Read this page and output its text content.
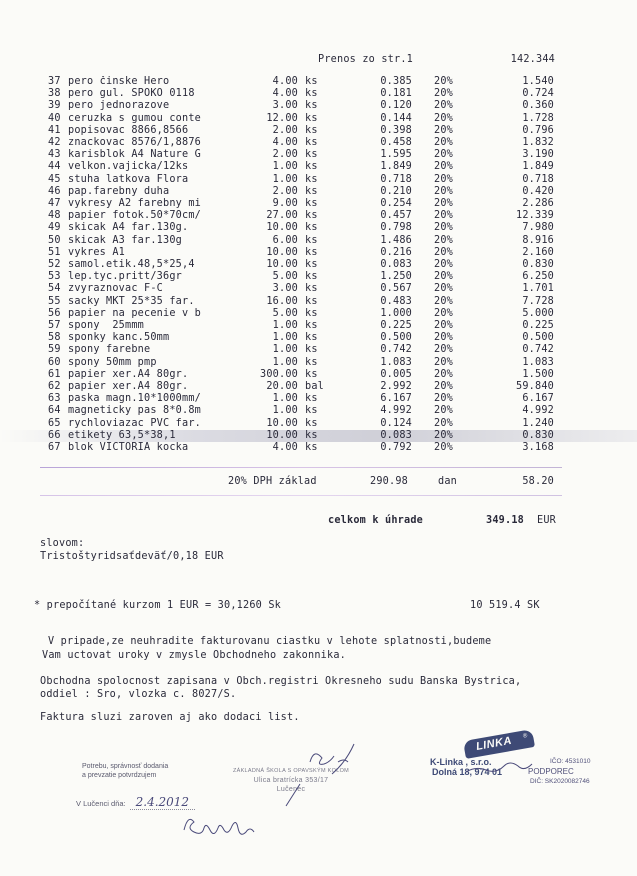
Prenos zo str.1	142.344
37 pero činske Hero	4.00 ks	0.385 20%	1.540
38 pero gul. SPOKO 0118	4.00 ks	0.181 20%	0.724
39 pero jednorazove	3.00 ks	0.120 20%	0.360
40 ceruzka s gumou conte	12.00 ks	0.144 20%	1.728
41 popisovac 8866,8566	2.00 ks	0.398 20%	0.796
42 znackovac 8576/1,8876	4.00 ks	0.458 20%	1.832
43 karisblok A4 Nature G	2.00 ks	1.595 20%	3.190
44 velkon.vajicka/12ks	1.00 ks	1.849 20%	1.849
45 stuha latkova Flora	1.00 ks	0.718 20%	0.718
46 pap.farebny duha	2.00 ks	0.210 20%	0.420
47 vykresy A2 farebny mi	9.00 ks	0.254 20%	2.286
48 papier fotok.50*70cm/	27.00 ks	0.457 20%	12.339
49 skicak A4 far.130g.	10.00 ks	0.798 20%	7.980
50 skicak A3 far.130g	6.00 ks	1.486 20%	8.916
51 vykres A1	10.00 ks	0.216 20%	2.160
52 samol.etik.48,5*25,4	10.00 ks	0.083 20%	0.830
53 lep.tyc.pritt/36gr	5.00 ks	1.250 20%	6.250
54 zvyraznovac F-C	3.00 ks	0.567 20%	1.701
55 sacky MKT 25*35 far.	16.00 ks	0.483 20%	7.728
56 papier na pecenie v b	5.00 ks	1.000 20%	5.000
57 spony  25mmm	1.00 ks	0.225 20%	0.225
58 sponky kanc.50mm	1.00 ks	0.500 20%	0.500
59 spony farebne	1.00 ks	0.742 20%	0.742
60 spony 50mm pmp	1.00 ks	1.083 20%	1.083
61 papier xer.A4 80gr.	300.00 ks	0.005 20%	1.500
62 papier xer.A4 80gr.	20.00 bal	2.992 20%	59.840
63 paska magn.10*1000mm/	1.00 ks	6.167 20%	6.167
64 magneticky pas 8*0.8m	1.00 ks	4.992 20%	4.992
65 rychloviazac PVC far.	10.00 ks	0.124 20%	1.240
66 etikety 63,5*38,1	10.00 ks	0.083 20%	0.830
67 blok VICTORIA kocka	4.00 ks	0.792 20%	3.168
20% DPH základ	290.98	dan	58.20
celkom k úhrade	349.18 EUR
slovom:
Tristoštyridsaťdeväť/0,18 EUR
* prepočítané kurzom 1 EUR = 30,1260 Sk	10 519.4 SK
V pripade,ze neuhradite fakturovanu ciastku v lehote splatnosti,budeme
Vam uctovat uroky v zmysle Obchodneho zakonnika.
Obchodna spolocnost zapisana v Obch.registri Okresneho sudu Banska Bystrica,
oddiel : Sro, vlozka c. 8027/S.
Faktura sluzi zaroven aj ako dodaci list.
Potrebu, správnosť dodania
a prevzatie potvrdzujem
V Lučenci dňa: 2.4.2012
ZÁKLADNÁ ŠKOLA S OPAVSKÝM KOLOM
Ulica bratrícka 353/17
Lučenec
LINKA ®
K-Linka , s.r.o.
Dolná 18, 974 01
IČO: 4531010
PODPOREC
DIČ: SK2020082746
